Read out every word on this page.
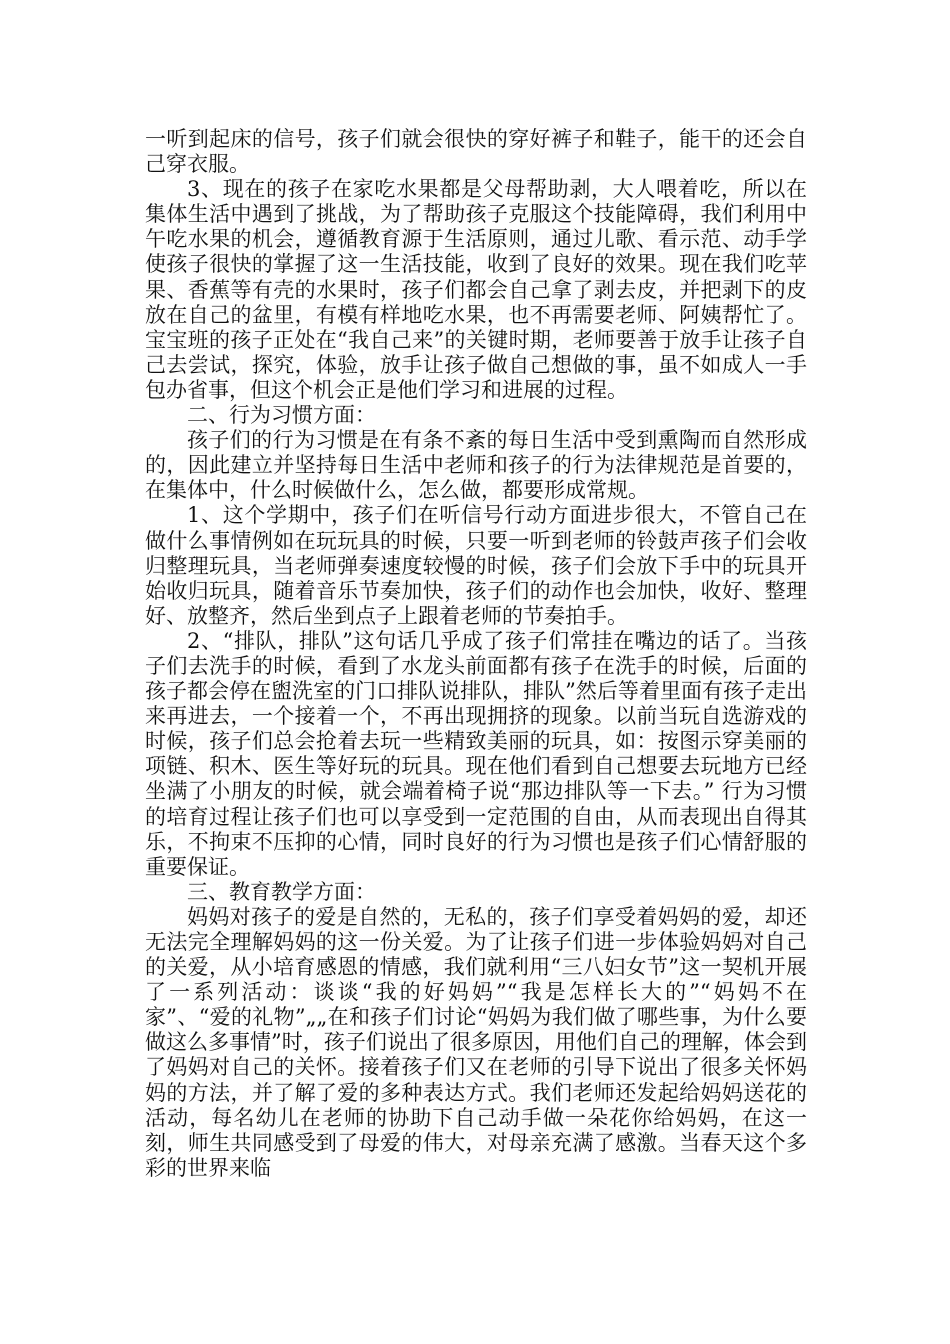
一听到起床的信号，孩子们就会很快的穿好裤子和鞋子，能干的还会自己穿衣服。

3、现在的孩子在家吃水果都是父母帮助剥，大人喂着吃，所以在集体生活中遇到了挑战，为了帮助孩子克服这个技能障碍，我们利用中午吃水果的机会，遵循教育源于生活原则，通过儿歌、看示范、动手学使孩子很快的掌握了这一生活技能，收到了良好的效果。现在我们吃苹果、香蕉等有壳的水果时，孩子们都会自己拿了剥去皮，并把剥下的皮放在自己的盆里，有模有样地吃水果，也不再需要老师、阿姨帮忙了。宝宝班的孩子正处在“我自己来”的关键时期，老师要善于放手让孩子自己去尝试，探究，体验，放手让孩子做自己想做的事，虽不如成人一手包办省事，但这个机会正是他们学习和进展的过程。

二、行为习惯方面：

孩子们的行为习惯是在有条不紊的每日生活中受到熏陶而自然形成的，因此建立并坚持每日生活中老师和孩子的行为法律规范是首要的，在集体中，什么时候做什么，怎么做，都要形成常规。

1、这个学期中，孩子们在听信号行动方面进步很大，不管自己在做什么事情例如在玩玩具的时候，只要一听到老师的铃鼓声孩子们会收归整理玩具，当老师弹奏速度较慢的时候，孩子们会放下手中的玩具开始收归玩具，随着音乐节奏加快，孩子们的动作也会加快，收好、整理好、放整齐，然后坐到点子上跟着老师的节奏拍手。

2、“排队，排队”这句话几乎成了孩子们常挂在嘴边的话了。当孩子们去洗手的时候，看到了水龙头前面都有孩子在洗手的时候，后面的孩子都会停在盥洗室的门口排队说排队，排队”然后等着里面有孩子走出来再进去，一个接着一个，不再出现拥挤的现象。以前当玩自选游戏的时候，孩子们总会抢着去玩一些精致美丽的玩具，如：按图示穿美丽的项链、积木、医生等好玩的玩具。现在他们看到自己想要去玩地方已经坐满了小朋友的时候，就会端着椅子说“那边排队等一下去。” 行为习惯的培育过程让孩子们也可以享受到一定范围的自由，从而表现出自得其乐，不拘束不压抑的心情，同时良好的行为习惯也是孩子们心情舒服的重要保证。

三、教育教学方面：

妈妈对孩子的爱是自然的，无私的，孩子们享受着妈妈的爱，却还无法完全理解妈妈的这一份关爱。为了让孩子们进一步体验妈妈对自己的关爱，从小培育感恩的情感，我们就利用“三八妇女节”这一契机开展了一系列活动：谈谈“我的好妈妈”“我是怎样长大的”“妈妈不在家”、“爱的礼物”„„在和孩子们讨论“妈妈为我们做了哪些事，为什么要做这么多事情”时，孩子们说出了很多原因，用他们自己的理解，体会到了妈妈对自己的关怀。接着孩子们又在老师的引导下说出了很多关怀妈妈的方法，并了解了爱的多种表达方式。我们老师还发起给妈妈送花的活动，每名幼儿在老师的协助下自己动手做一朵花你给妈妈，在这一刻，师生共同感受到了母爱的伟大，对母亲充满了感激。当春天这个多彩的世界来临
